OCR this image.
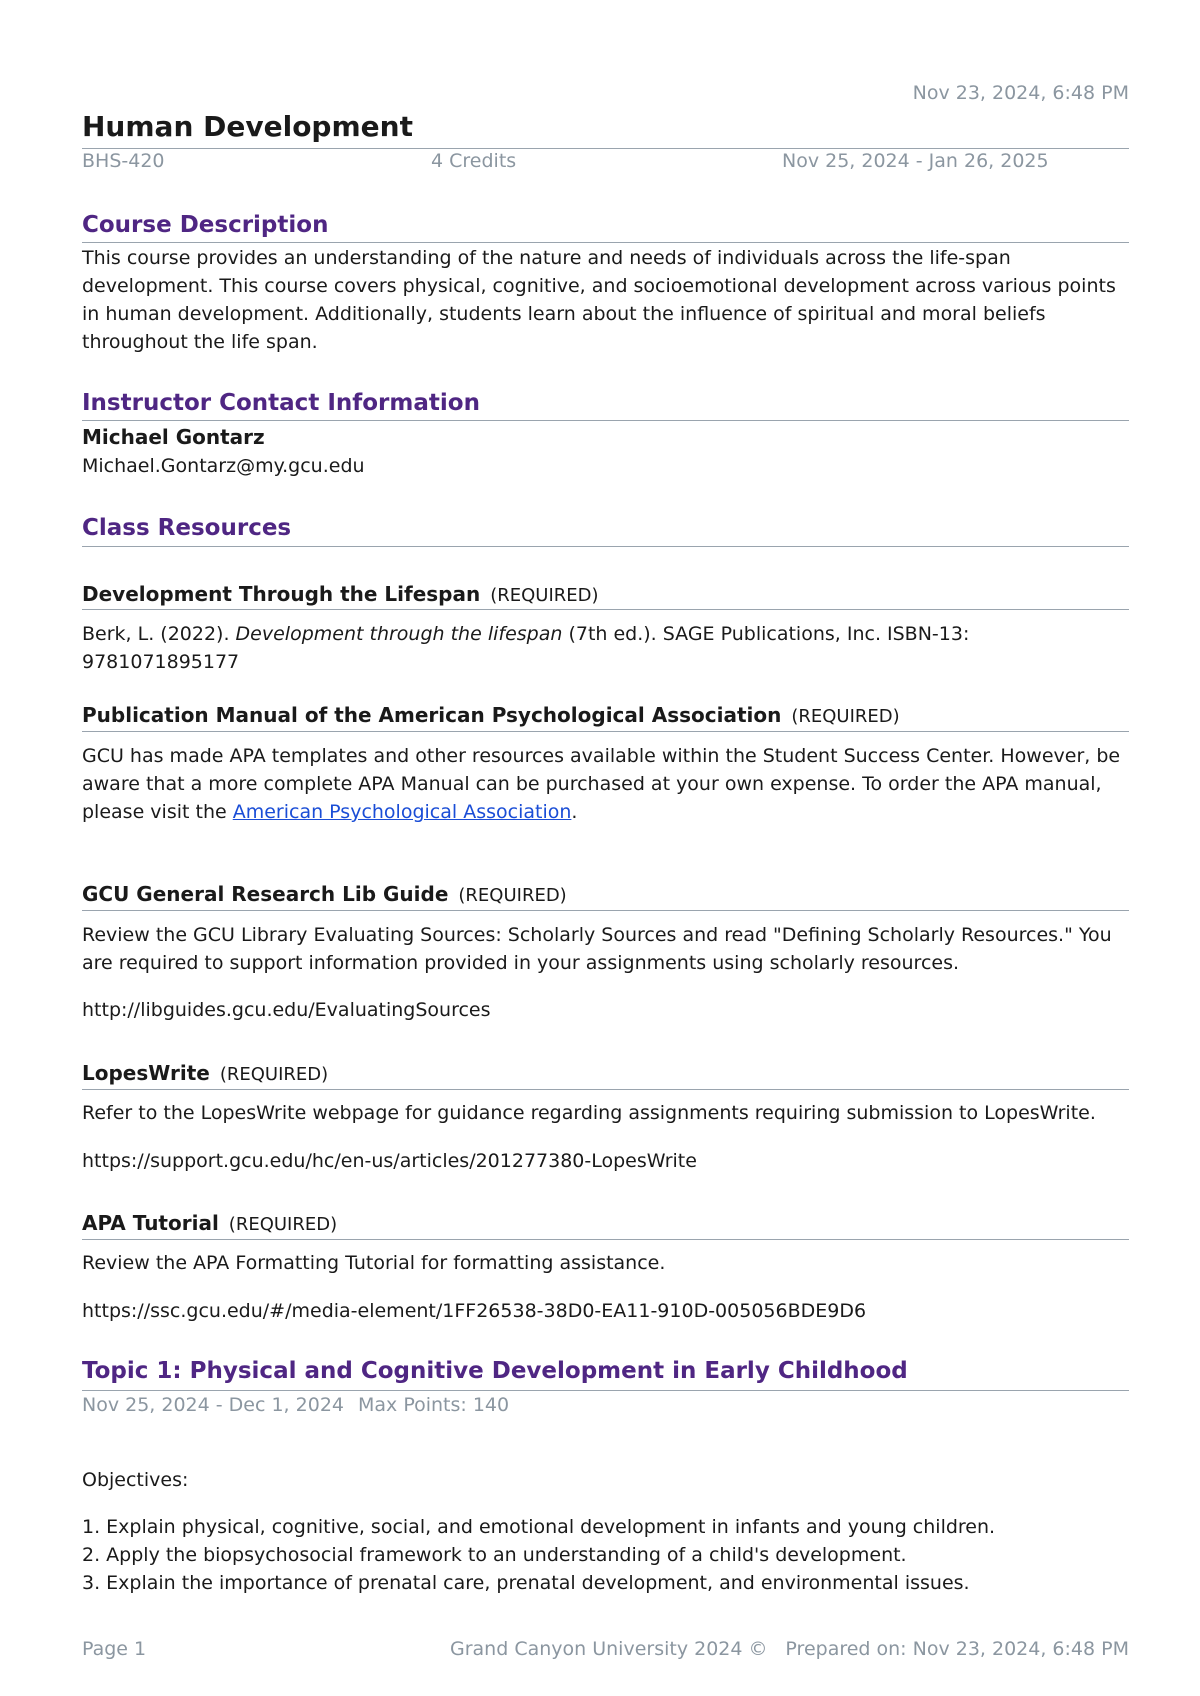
Nov 23, 2024, 6:48 PM
Human Development
BHS-420	4 Credits	Nov 25, 2024 - Jan 26, 2025
Course Description
This course provides an understanding of the nature and needs of individuals across the life-span development. This course covers physical, cognitive, and socioemotional development across various points in human development. Additionally, students learn about the influence of spiritual and moral beliefs throughout the life span.
Instructor Contact Information
Michael Gontarz
Michael.Gontarz@my.gcu.edu
Class Resources
Development Through the Lifespan (REQUIRED)
Berk, L. (2022). Development through the lifespan (7th ed.). SAGE Publications, Inc. ISBN-13: 9781071895177
Publication Manual of the American Psychological Association (REQUIRED)
GCU has made APA templates and other resources available within the Student Success Center. However, be aware that a more complete APA Manual can be purchased at your own expense. To order the APA manual, please visit the American Psychological Association.
GCU General Research Lib Guide (REQUIRED)
Review the GCU Library Evaluating Sources: Scholarly Sources and read "Defining Scholarly Resources." You are required to support information provided in your assignments using scholarly resources.
http://libguides.gcu.edu/EvaluatingSources
LopesWrite (REQUIRED)
Refer to the LopesWrite webpage for guidance regarding assignments requiring submission to LopesWrite.
https://support.gcu.edu/hc/en-us/articles/201277380-LopesWrite
APA Tutorial (REQUIRED)
Review the APA Formatting Tutorial for formatting assistance.
https://ssc.gcu.edu/#/media-element/1FF26538-38D0-EA11-910D-005056BDE9D6
Topic 1: Physical and Cognitive Development in Early Childhood
Nov 25, 2024 - Dec 1, 2024 Max Points: 140
Objectives:
1. Explain physical, cognitive, social, and emotional development in infants and young children.
2. Apply the biopsychosocial framework to an understanding of a child's development.
3. Explain the importance of prenatal care, prenatal development, and environmental issues.
Page 1	Grand Canyon University 2024 © Prepared on: Nov 23, 2024, 6:48 PM
